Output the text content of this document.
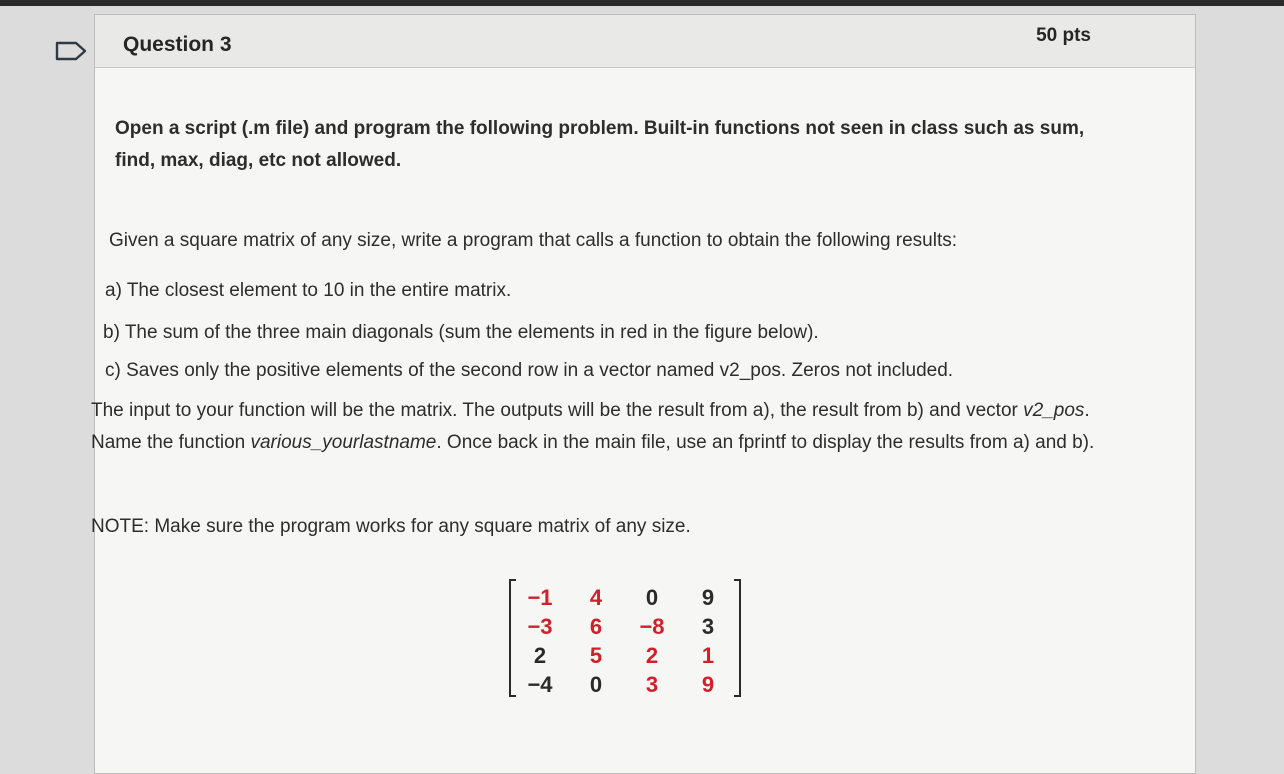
Question 3	50 pts

Open a script (.m file) and program the following problem. Built-in functions not seen in class such as sum, find, max, diag, etc not allowed.

Given a square matrix of any size, write a program that calls a function to obtain the following results:

a) The closest element to 10 in the entire matrix.

b) The sum of the three main diagonals (sum the elements in red in the figure below).

c) Saves only the positive elements of the second row in a vector named v2_pos. Zeros not included.

The input to your function will be the matrix. The outputs will be the result from a), the result from b) and vector v2_pos. Name the function various_yourlastname. Once back in the main file, use an fprintf to display the results from a) and b).

NOTE: Make sure the program works for any square matrix of any size.

−1	4	0	9
−3	6	−8	3
2	5	2	1
−4	0	3	9
